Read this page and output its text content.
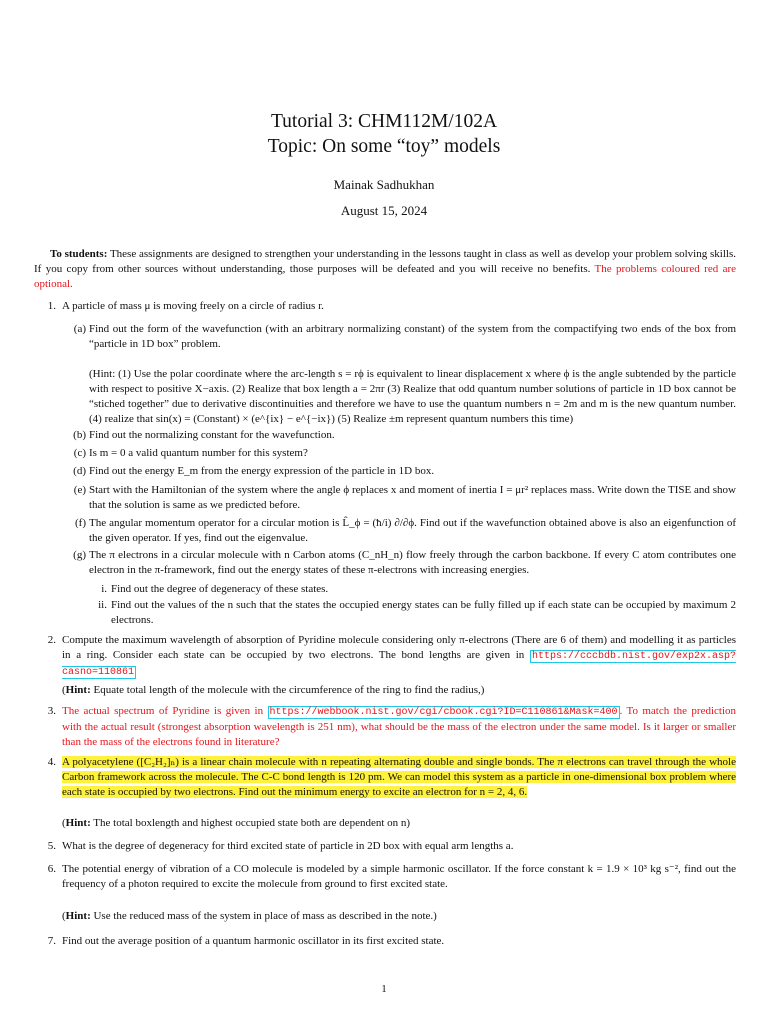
Tutorial 3: CHM112M/102A
Topic: On some “toy” models
Mainak Sadhukhan
August 15, 2024
To students: These assignments are designed to strengthen your understanding in the lessons taught in class as well as develop your problem solving skills. If you copy from other sources without understanding, those purposes will be defeated and you will receive no benefits. The problems coloured red are optional.
1. A particle of mass μ is moving freely on a circle of radius r.
(a) Find out the form of the wavefunction (with an arbitrary normalizing constant) of the system from the compactifying two ends of the box from “particle in 1D box” problem.
(Hint: (1) Use the polar coordinate where the arc-length s = rϕ is equivalent to linear displacement x where ϕ is the angle subtended by the particle with respect to positive X−axis. (2) Realize that box length a = 2πr (3) Realize that odd quantum number solutions of particle in 1D box cannot be “stiched together” due to derivative discontinuities and therefore we have to use the quantum numbers n = 2m and m is the new quantum number.(4) realize that sin(x) = (Constant) × (e^{ix} − e^{−ix}) (5) Realize ±m represent quantum numbers this time)
(b) Find out the normalizing constant for the wavefunction.
(c) Is m = 0 a valid quantum number for this system?
(d) Find out the energy E_m from the energy expression of the particle in 1D box.
(e) Start with the Hamiltonian of the system where the angle ϕ replaces x and moment of inertia I = μr² replaces mass. Write down the TISE and show that the solution is same as we predicted before.
(f) The angular momentum operator for a circular motion is L̂_ϕ = (ħ/i) ∂/∂ϕ. Find out if the wavefunction obtained above is also an eigenfunction of the given operator. If yes, find out the eigenvalue.
(g) The π electrons in a circular molecule with n Carbon atoms (C_nH_n) flow freely through the carbon backbone. If every C atom contributes one electron in the π-framework, find out the energy states of these π-electrons with increasing energies.
i. Find out the degree of degeneracy of these states.
ii. Find out the values of the n such that the states the occupied energy states can be fully filled up if each state can be occupied by maximum 2 electrons.
2. Compute the maximum wavelength of absorption of Pyridine molecule considering only π-electrons (There are 6 of them) and modelling it as particles in a ring. Consider each state can be occupied by two electrons. The bond lengths are given in https://cccbdb.nist.gov/exp2x.asp?casno=110861
(Hint: Equate total length of the molecule with the circumference of the ring to find the radius,)
3. The actual spectrum of Pyridine is given in https://webbook.nist.gov/cgi/cbook.cgi?ID=C110861&Mask=400 . To match the prediction with the actual result (strongest absorption wavelength is 251 nm), what should be the mass of the electron under the same model. Is it larger or smaller than the mass of the electrons found in literature?
4. A polyacetylene ([C₂H₂]ₙ) is a linear chain molecule with n repeating alternating double and single bonds. The π electrons can travel through the whole Carbon framework across the molecule. The C-C bond length is 120 pm. We can model this system as a particle in one-dimensional box problem where each state is occupied by two electrons. Find out the minimum energy to excite an electron for n = 2, 4, 6.
(Hint: The total boxlength and highest occupied state both are dependent on n)
5. What is the degree of degeneracy for third excited state of particle in 2D box with equal arm lengths a.
6. The potential energy of vibration of a CO molecule is modeled by a simple harmonic oscillator. If the force constant k = 1.9 × 10³ kg s⁻², find out the frequency of a photon required to excite the molecule from ground to first excited state.
(Hint: Use the reduced mass of the system in place of mass as described in the note.)
7. Find out the average position of a quantum harmonic oscillator in its first excited state.
1
